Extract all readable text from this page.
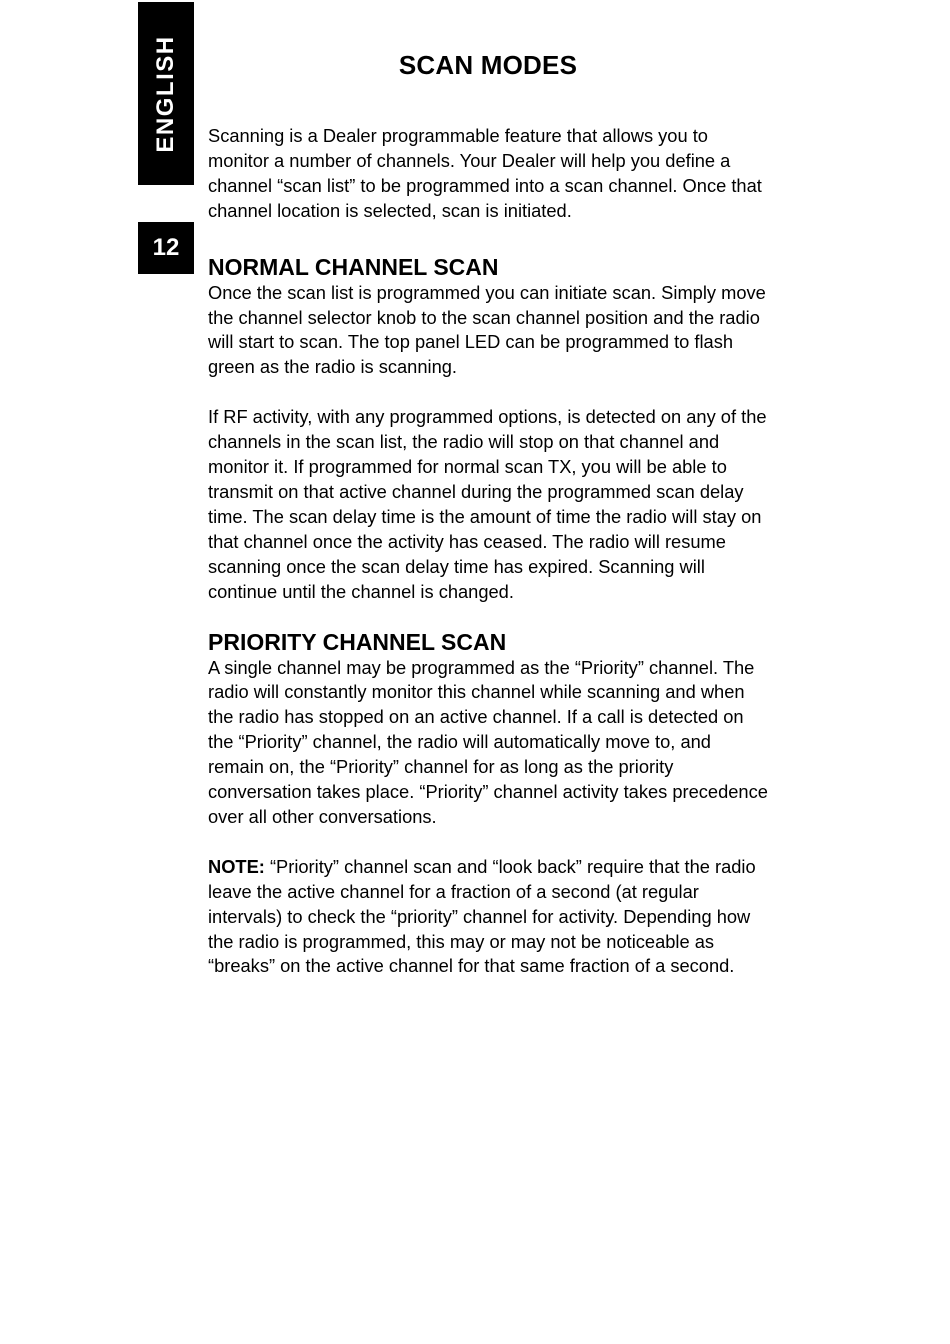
ENGLISH
12
SCAN MODES

Scanning is a Dealer programmable feature that allows you to monitor a number of channels. Your Dealer will help you define a channel “scan list” to be programmed into a scan channel. Once that channel location is selected, scan is initiated.

NORMAL CHANNEL SCAN

Once the scan list is programmed you can initiate scan. Simply move the channel selector knob to the scan channel position and the radio will start to scan. The top panel LED can be programmed to flash green as the radio is scanning.

If RF activity, with any programmed options, is detected on any of the channels in the scan list, the radio will stop on that channel and monitor it. If programmed for normal scan TX, you will be able to transmit on that active channel during the programmed scan delay time. The scan delay time is the amount of time the radio will stay on that channel once the activity has ceased. The radio will resume scanning once the scan delay time has expired. Scanning will continue until the channel is changed.

PRIORITY CHANNEL SCAN

A single channel may be programmed as the “Priority” channel. The radio will constantly monitor this channel while scanning and when the radio has stopped on an active channel. If a call is detected on the “Priority” channel, the radio will automatically move to, and remain on, the “Priority” channel for as long as the priority conversation takes place. “Priority” channel activity takes precedence over all other conversations.

NOTE: “Priority” channel scan and “look back” require that the radio leave the active channel for a fraction of a second (at regular intervals) to check the “priority” channel for activity. Depending how the radio is programmed, this may or may not be noticeable as “breaks” on the active channel for that same fraction of a second.
